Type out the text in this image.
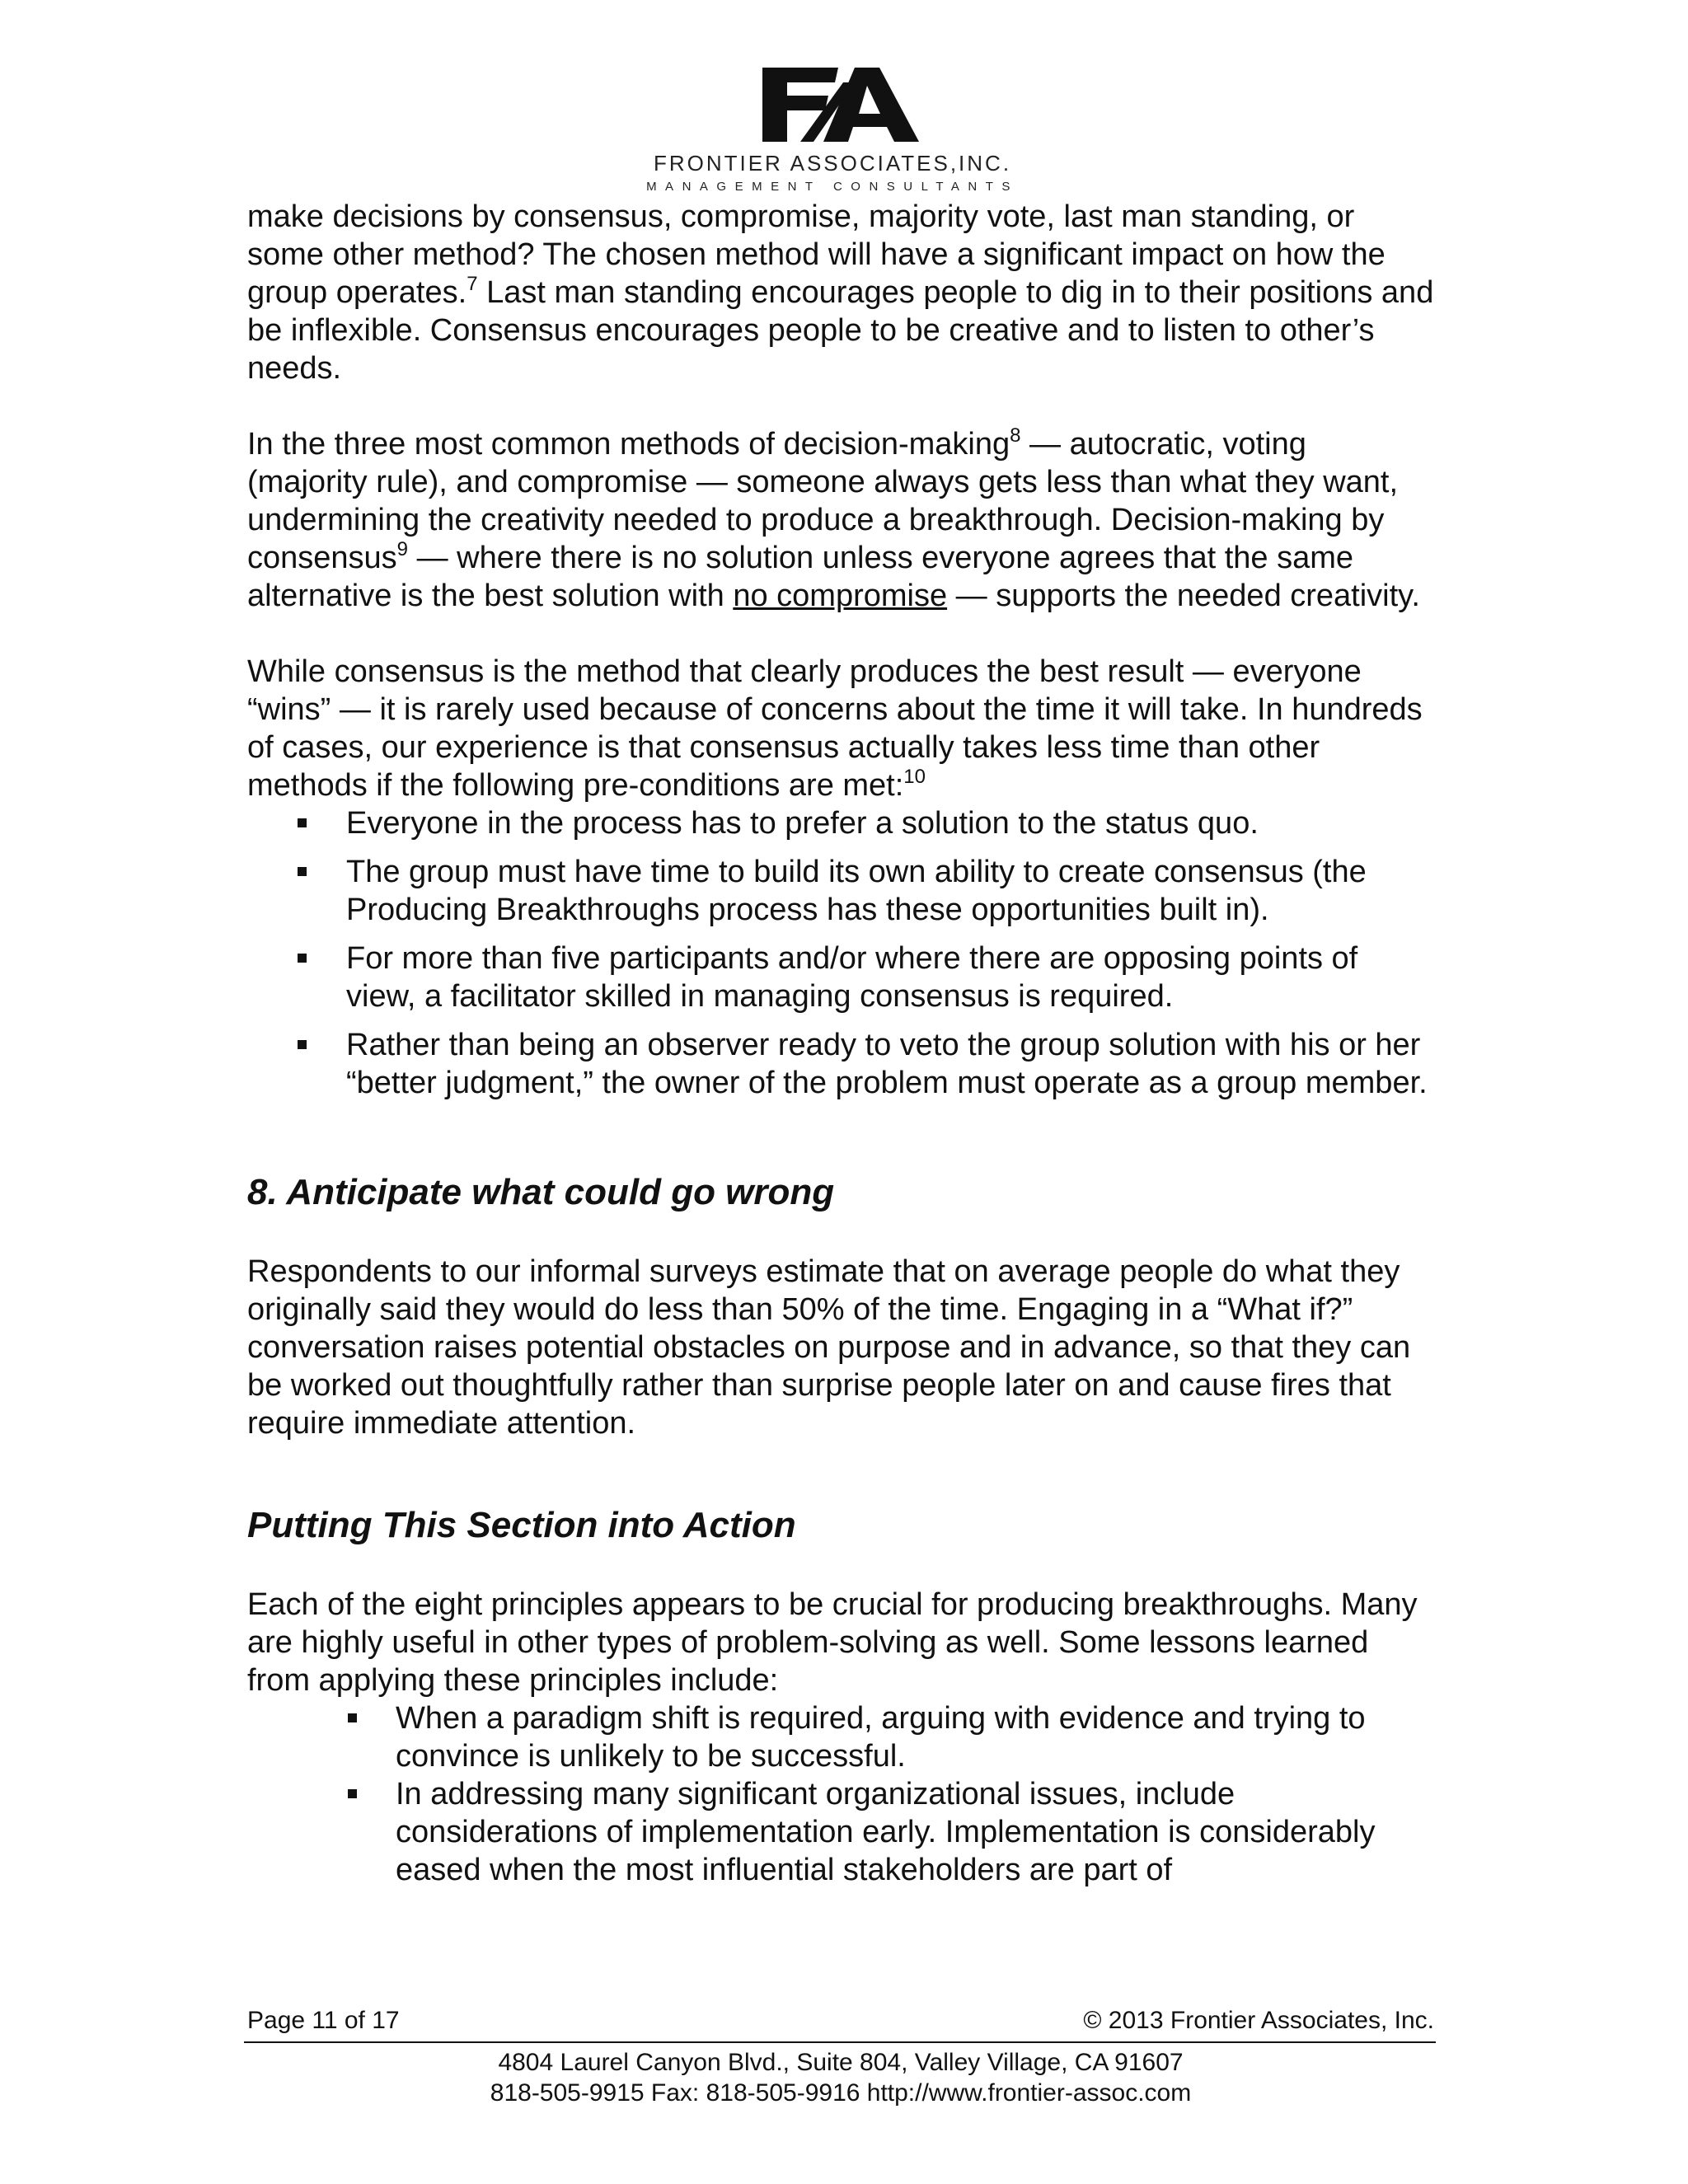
FRONTIER ASSOCIATES,INC.
MANAGEMENT CONSULTANTS

make decisions by consensus, compromise, majority vote, last man standing, or some other method? The chosen method will have a significant impact on how the group operates.$^7$ Last man standing encourages people to dig in to their positions and be inflexible. Consensus encourages people to be creative and to listen to other’s needs.

In the three most common methods of decision-making$^8$ — autocratic, voting (majority rule), and compromise — someone always gets less than what they want, undermining the creativity needed to produce a breakthrough. Decision-making by consensus$^9$ — where there is no solution unless everyone agrees that the same alternative is the best solution with no compromise — supports the needed creativity.

While consensus is the method that clearly produces the best result — everyone “wins” — it is rarely used because of concerns about the time it will take. In hundreds of cases, our experience is that consensus actually takes less time than other methods if the following pre-conditions are met:$^{10}$

Everyone in the process has to prefer a solution to the status quo.
The group must have time to build its own ability to create consensus (the Producing Breakthroughs process has these opportunities built in).
For more than five participants and/or where there are opposing points of view, a facilitator skilled in managing consensus is required.
Rather than being an observer ready to veto the group solution with his or her “better judgment,” the owner of the problem must operate as a group member.
8. Anticipate what could go wrong

Respondents to our informal surveys estimate that on average people do what they originally said they would do less than 50% of the time. Engaging in a “What if?” conversation raises potential obstacles on purpose and in advance, so that they can be worked out thoughtfully rather than surprise people later on and cause fires that require immediate attention.

Putting This Section into Action

Each of the eight principles appears to be crucial for producing breakthroughs. Many are highly useful in other types of problem-solving as well. Some lessons learned from applying these principles include:

When a paradigm shift is required, arguing with evidence and trying to convince is unlikely to be successful.
In addressing many significant organizational issues, include considerations of implementation early. Implementation is considerably eased when the most influential stakeholders are part of
Page 11 of 17	© 2013 Frontier Associates, Inc.
4804 Laurel Canyon Blvd., Suite 804, Valley Village, CA 91607
818-505-9915 Fax: 818-505-9916 http://www.frontier-assoc.com
